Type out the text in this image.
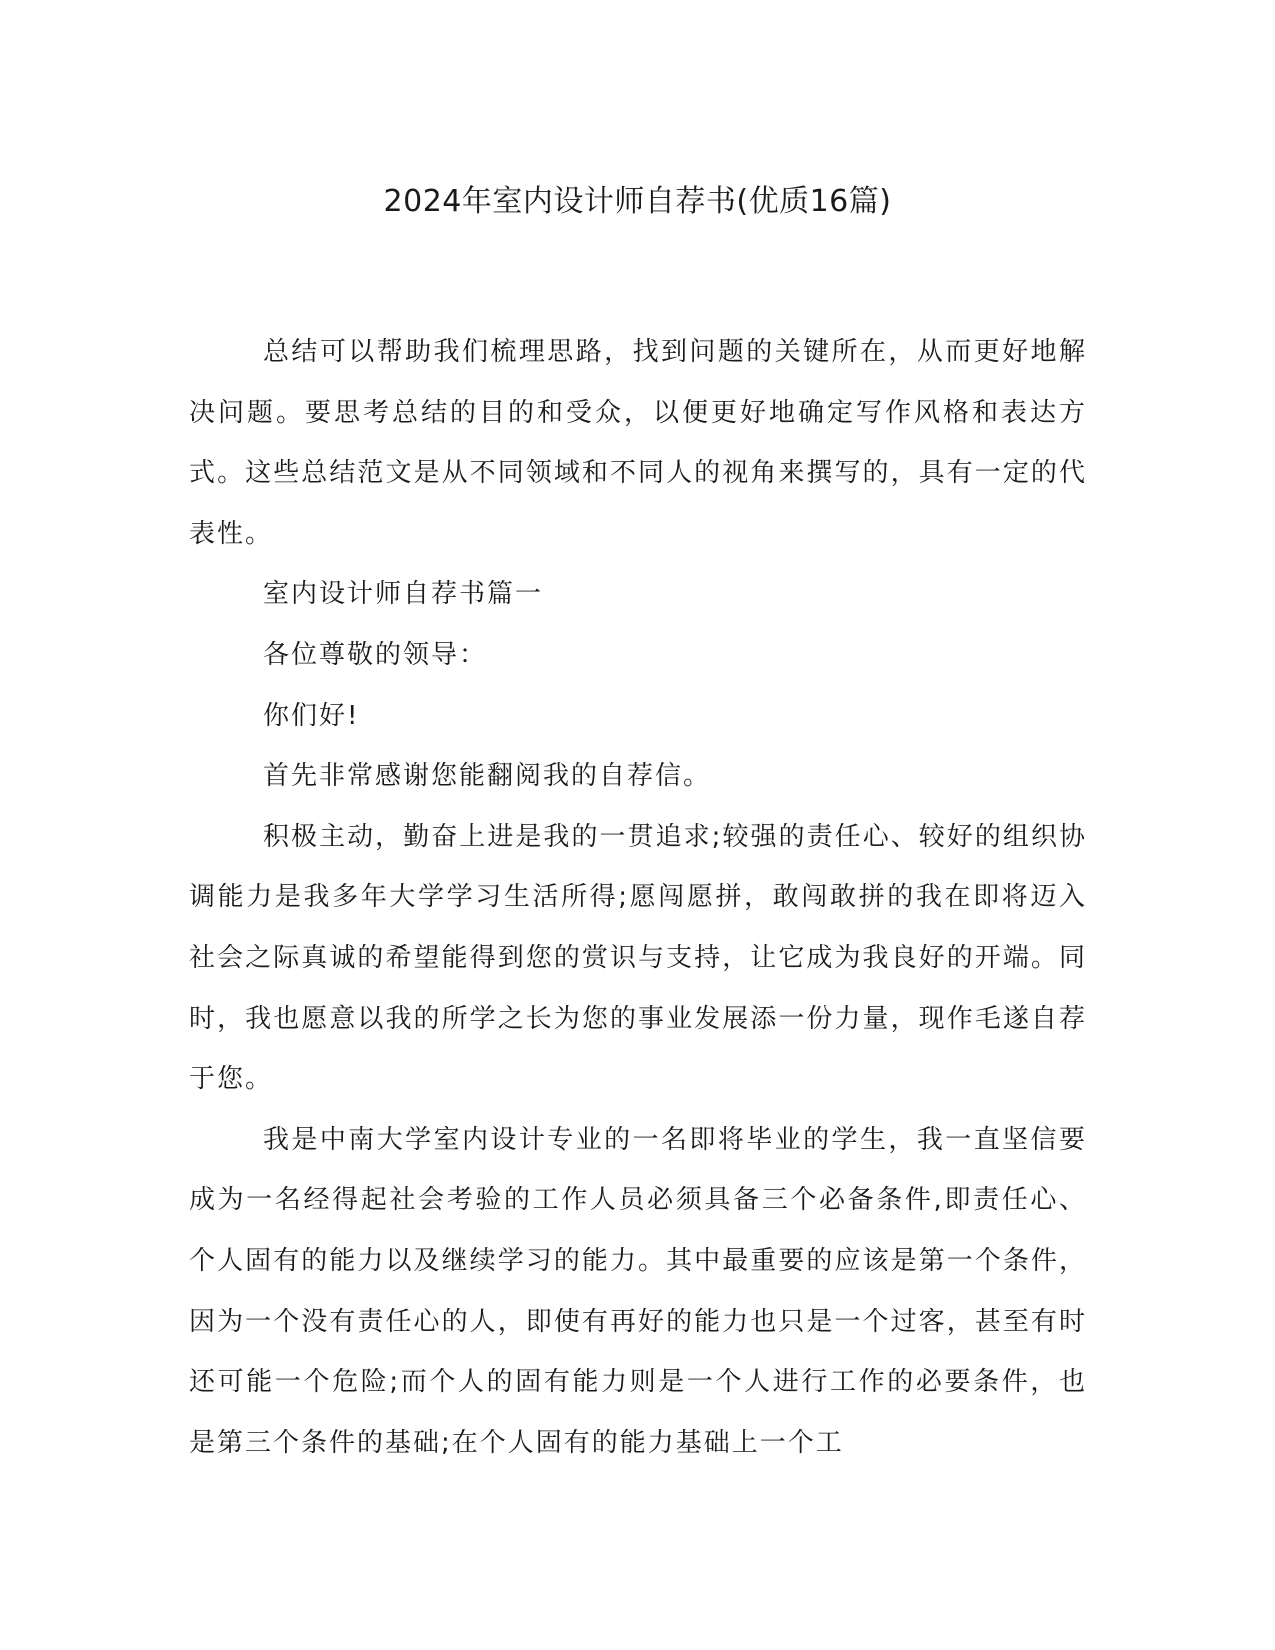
2024年室内设计师自荐书(优质16篇)

总结可以帮助我们梳理思路，找到问题的关键所在，从而更好地解决问题。要思考总结的目的和受众，以便更好地确定写作风格和表达方式。这些总结范文是从不同领域和不同人的视角来撰写的，具有一定的代表性。

室内设计师自荐书篇一

各位尊敬的领导：

你们好!

首先非常感谢您能翻阅我的自荐信。

积极主动，勤奋上进是我的一贯追求;较强的责任心、较好的组织协调能力是我多年大学学习生活所得;愿闯愿拼，敢闯敢拼的我在即将迈入社会之际真诚的希望能得到您的赏识与支持，让它成为我良好的开端。同时，我也愿意以我的所学之长为您的事业发展添一份力量，现作毛遂自荐于您。

我是中南大学室内设计专业的一名即将毕业的学生，我一直坚信要成为一名经得起社会考验的工作人员必须具备三个必备条件,即责任心、个人固有的能力以及继续学习的能力。其中最重要的应该是第一个条件，因为一个没有责任心的人，即使有再好的能力也只是一个过客，甚至有时还可能一个危险;而个人的固有能力则是一个人进行工作的必要条件，也是第三个条件的基础;在个人固有的能力基础上一个工
